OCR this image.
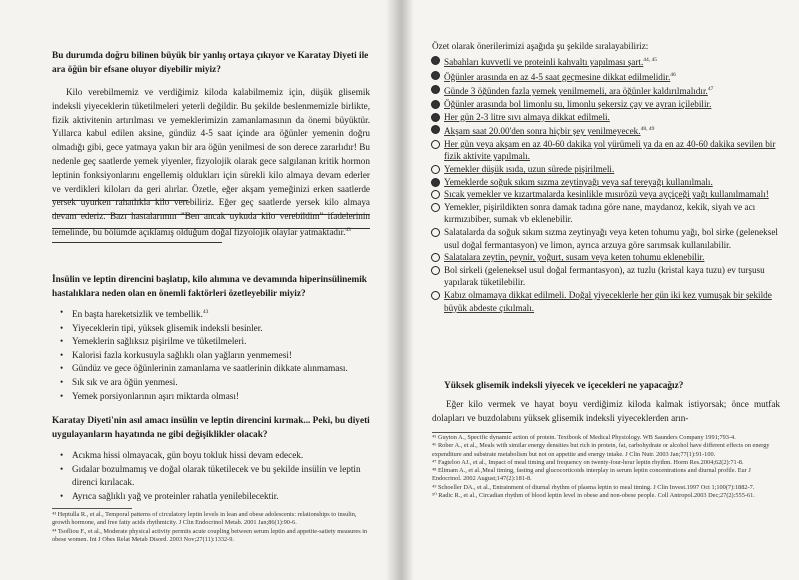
Bu durumda doğru bilinen büyük bir yanlış ortaya çıkıyor ve Karatay Diyeti ile ara öğün bir efsane oluyor diyebilir miyiz?

Kilo verebilmemiz ve verdiğimiz kiloda kalabilmemiz için, düşük glisemik indeksli yiyeceklerin tüketilmeleri yeterli değildir. Bu şekilde beslenmemizle birlikte, fizik aktivitenin artırılması ve yemeklerimizin zamanlamasının da önemi büyüktür. Yıllarca kabul edilen aksine, gündüz 4-5 saat içinde ara öğünler yemenin doğru olmadığı gibi, gece yatmaya yakın bir ara öğün yenilmesi de son derece zararlıdır! Bu nedenle geç saatlerde yemek yiyenler, fizyolojik olarak gece salgılanan kritik hormon leptinin fonksiyonlarını engellemiş oldukları için sürekli kilo almaya devam ederler ve verdikleri kiloları da geri alırlar. Özetle, eğer akşam yemeğinizi erken saatlerde yersek uyurken rahatlıkla kilo verebiliriz. Eğer geç saatlerde yersek kilo almaya devam ederiz. Bazı hastalarımın "Ben ancak uykuda kilo verebildim" ifadelerinin temelinde, bu bölümde açıklamış olduğum doğal fizyolojik olaylar yatmaktadır.$^{43}$

İnsülin ve leptin direncini başlatıp, kilo alımına ve devamında hiperinsülinemik hastalıklara neden olan en önemli faktörleri özetleyebilir miyiz?

• En başta hareketsizlik ve tembellik.$^{43}$
• Yiyeceklerin tipi, yüksek glisemik indeksli besinler.
• Yemeklerin sağlıksız pişirilme ve tüketilmeleri.
• Kalorisi fazla korkusuyla sağlıklı olan yağların yenmemesi!
• Gündüz ve gece öğünlerinin zamanlama ve saatlerinin dikkate alınmaması.
• Sık sık ve ara öğün yenmesi.
• Yemek porsiyonlarının aşırı miktarda olması!

Karatay Diyeti'nin asıl amacı insülin ve leptin direncini kırmak... Peki, bu diyeti uygulayanların hayatında ne gibi değişiklikler olacak?

• Acıkma hissi olmayacak, gün boyu tokluk hissi devam edecek.
• Gıdalar bozulmamış ve doğal olarak tüketilecek ve bu şekilde insülin ve leptin direnci kırılacak.
• Ayrıca sağlıklı yağ ve proteinler rahatla yenilebilecektir.
⁴³ Heptulla R., et al., Temporal patterns of circulatory leptin levels in lean and obese adolescents: relationships to insulin, growth hormone, and free fatty acids rhythmicity. J Clin Endocrinol Metab. 2001 Jan;86(1):90-6.
⁴⁴ Tsofliou F., et al., Moderate physical activity permits acute coupling between serum leptin and appetite-satiety measures in obese women. Int J Obes Relat Metab Disord. 2003 Nov;27(11):1332-9.

Özet olarak önerilerimizi aşağıda şu şekilde sıralayabiliriz:

Sabahları kuvvetli ve proteinli kahvaltı yapılması şart.$^{44, 45}$
Öğünler arasında en az 4-5 saat geçmesine dikkat edilmelidir.$^{46}$
Günde 3 öğünden fazla yemek yenilmemeli, ara öğünler kaldırılmalıdır.$^{47}$
Öğünler arasında bol limonlu su, limonlu şekersiz çay ve ayran içilebilir.
Her gün 2-3 litre sıvı almaya dikkat edilmeli.
Akşam saat 20.00'den sonra hiçbir şey yenilmeyecek.$^{48, 49}$
Her gün veya akşam en az 40-60 dakika yol yürümeli ya da en az 40-60 dakika sevilen bir fizik aktivite yapılmalı.
Yemekler düşük ısıda, uzun sürede pişirilmeli.
Yemeklerde soğuk sıkım sızma zeytinyağı veya saf tereyağı kullanılmalı.
Sıcak yemekler ve kızartmalarda kesinlikle mısırözü veya ayçiçeği yağı kullanılmamalı!
Yemekler, pişirildikten sonra damak tadına göre nane, maydanoz, kekik, siyah ve acı kırmızıbiber, sumak vb eklenebilir.
Salatalarda da soğuk sıkım sızma zeytinyağı veya keten tohumu yağı, bol sirke (geleneksel usul doğal fermantasyon) ve limon, ayrıca arzuya göre sarımsak kullanılabilir.
Salatalara zeytin, peynir, yoğurt, susam veya keten tohumu eklenebilir.
Bol sirkeli (geleneksel usul doğal fermantasyon), az tuzlu (kristal kaya tuzu) ev turşusu yapılarak tüketilebilir.
Kabız olmamaya dikkat edilmeli. Doğal yiyeceklerle her gün iki kez yumuşak bir şekilde büyük abdeste çıkılmalı.

Yüksek glisemik indeksli yiyecek ve içecekleri ne yapacağız?

Eğer kilo vermek ve hayat boyu verdiğimiz kiloda kalmak istiyorsak; önce mutfak dolapları ve buzdolabını yüksek glisemik indeksli yiyeceklerden arın-

⁴⁵ Guyton A., Specific dynamic action of protein. Textbook of Medical Physiology. WB Saunders Company 1991;793-4.
⁴⁶ Rober A., et al., Meals with similar energy densities but rich in protein, fat, carbohydrate or alcohol have different effects on energy expenditure and substrate metabolism but not on appetite and energy intake. J Clin Nutr. 2003 Jan;77(1):91-100.
⁴⁷ Fagteloo AJ., et al., Impact of meal timing and frequency on twenty-four-hour leptin rhythm. Horm Res.2004;62(2):71-8.
⁴⁸ Elimam A., et al.,Meal timing, fasting and glucocorticoids interplay in serum leptin concentrations and diurnal profile. Eur J Endocrinol. 2002 August;147(2):181-8.
⁴⁹ Schoeller DA., et al., Entrainment of diurnal rhythm of plasma leptin to meal timing. J Clin Invest.1997 Oct 1;100(7):1882-7.
⁵⁰ Radic R., et al., Circadian rhythm of blood leptin level in obese and non-obese people. Coll Antropol.2003 Dec;27(2):555-61.
